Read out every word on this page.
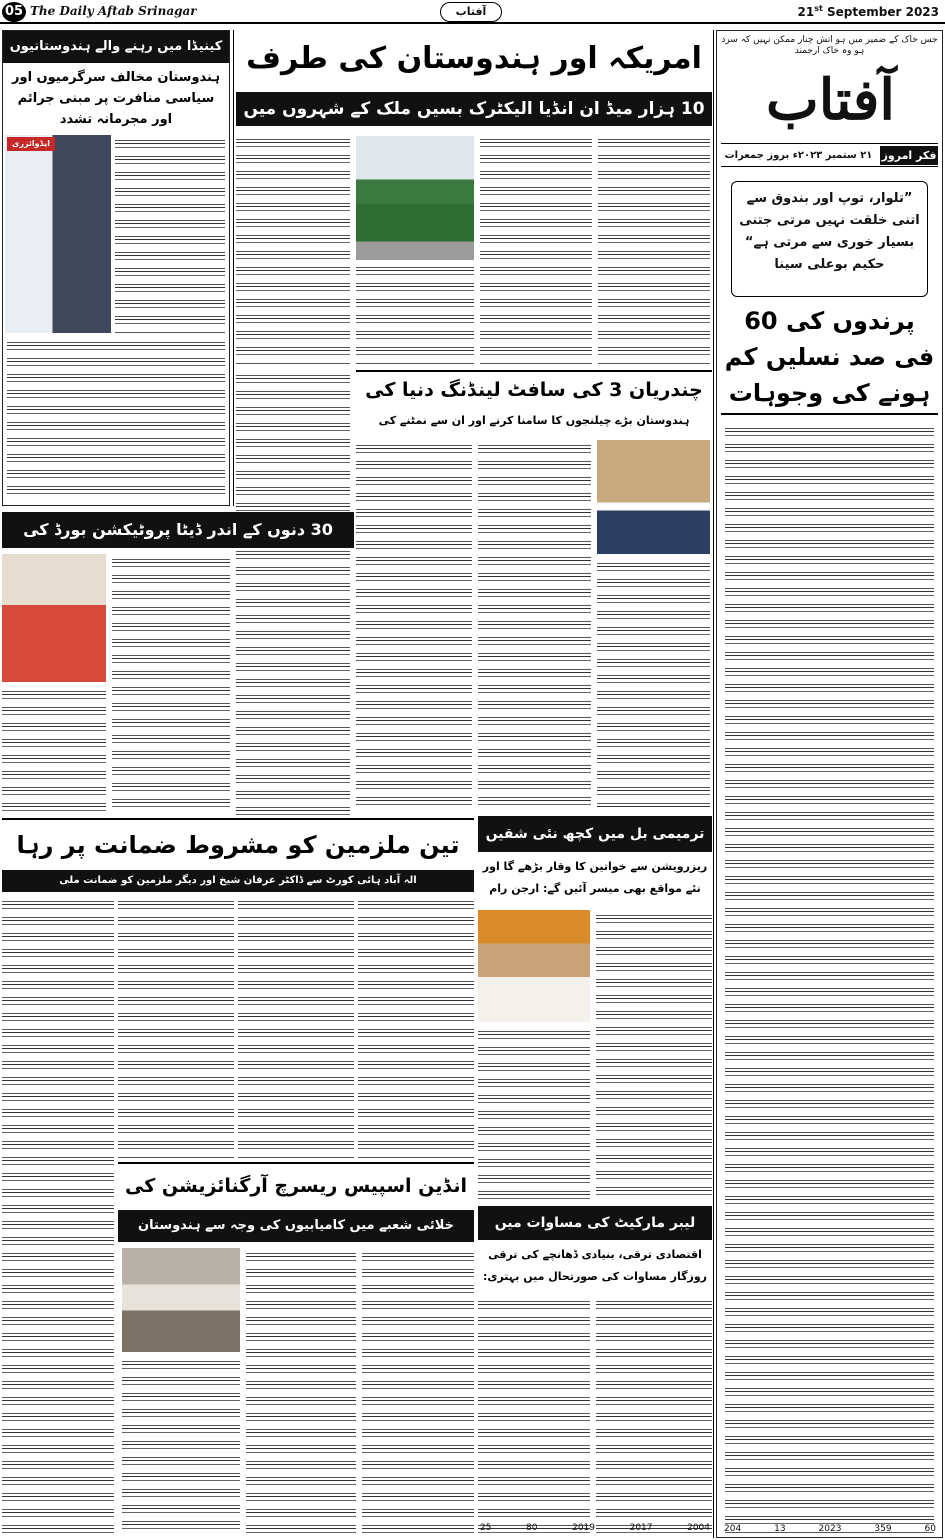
05 The Daily Aftab Srinagar	آفتاب	21st September 2023
جس خاک کے ضمیر میں ہو آتش چنار ممکن نہیں کہ سرد ہو وہ خاک ارجمند
آفتاب
فکر امروز
۲۱ ستمبر ۲۰۲۳ء بروز جمعرات
”تلوار، توپ اور بندوق سے اتنی خلقت نہیں مرتی جتنی بسیار خوری سے مرتی ہے“ حکیم بوعلی سینا
پرندوں کی 60 فی صد نسلیں کم ہونے کی وجوہات
امریکہ اور ہندوستان کی طرف
10 ہزار میڈ ان انڈیا الیکٹرک بسیں ملک کے شہروں میں
کینیڈا میں رہنے والے ہندوستانیوں
ہندوستان مخالف سرگرمیوں اور سیاسی منافرت پر مبنی جرائم اور مجرمانہ تشدد
ایڈوائزری
چندریان 3 کی سافٹ لینڈنگ دنیا کی
ہندوستان بڑے چیلنجوں کا سامنا کرنے اور ان سے نمٹنے کی
30 دنوں کے اندر ڈیٹا پروٹیکشن بورڈ کی
تین ملزمین کو مشروط ضمانت پر رہا
الہ آباد ہائی کورٹ سے ڈاکٹر عرفان شیخ اور دیگر ملزمین کو ضمانت ملی
ترمیمی بل میں کچھ نئی شقیں
ریزرویشن سے خواتین کا وقار بڑھے گا اور نئے مواقع بھی میسر آئیں گے: ارجن رام
انڈین اسپیس ریسرچ آرگنائزیشن کی
خلائی شعبے میں کامیابیوں کی وجہ سے ہندوستان	لیبر مارکیٹ کی مساوات میں
اقتصادی ترقی، بنیادی ڈھانچے کی ترقی روزگار مساوات کی صورتحال میں بہتری:
2004
2017
2019
80
25	60
359
2023
13
204
